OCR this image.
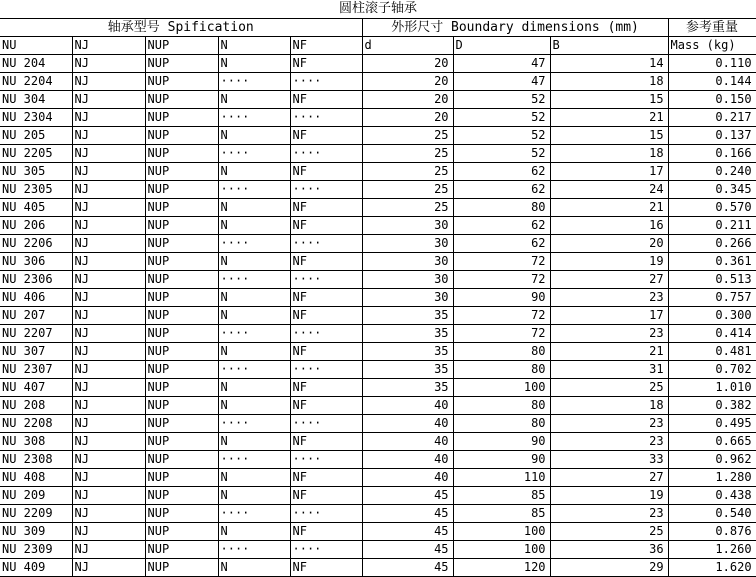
圆柱滚子轴承
轴承型号 Spification					外形尺寸 Boundary dimensions (mm)			参考重量
NU	NJ	NUP	N	NF	d	D	B	Mass (kg)
NU 204	NJ	NUP	N	NF	20	47	14	0.110
NU 2204	NJ	NUP	····	····	20	47	18	0.144
NU 304	NJ	NUP	N	NF	20	52	15	0.150
NU 2304	NJ	NUP	····	····	20	52	21	0.217
NU 205	NJ	NUP	N	NF	25	52	15	0.137
NU 2205	NJ	NUP	····	····	25	52	18	0.166
NU 305	NJ	NUP	N	NF	25	62	17	0.240
NU 2305	NJ	NUP	····	····	25	62	24	0.345
NU 405	NJ	NUP	N	NF	25	80	21	0.570
NU 206	NJ	NUP	N	NF	30	62	16	0.211
NU 2206	NJ	NUP	····	····	30	62	20	0.266
NU 306	NJ	NUP	N	NF	30	72	19	0.361
NU 2306	NJ	NUP	····	····	30	72	27	0.513
NU 406	NJ	NUP	N	NF	30	90	23	0.757
NU 207	NJ	NUP	N	NF	35	72	17	0.300
NU 2207	NJ	NUP	····	····	35	72	23	0.414
NU 307	NJ	NUP	N	NF	35	80	21	0.481
NU 2307	NJ	NUP	····	····	35	80	31	0.702
NU 407	NJ	NUP	N	NF	35	100	25	1.010
NU 208	NJ	NUP	N	NF	40	80	18	0.382
NU 2208	NJ	NUP	····	····	40	80	23	0.495
NU 308	NJ	NUP	N	NF	40	90	23	0.665
NU 2308	NJ	NUP	····	····	40	90	33	0.962
NU 408	NJ	NUP	N	NF	40	110	27	1.280
NU 209	NJ	NUP	N	NF	45	85	19	0.438
NU 2209	NJ	NUP	····	····	45	85	23	0.540
NU 309	NJ	NUP	N	NF	45	100	25	0.876
NU 2309	NJ	NUP	····	····	45	100	36	1.260
NU 409	NJ	NUP	N	NF	45	120	29	1.620
